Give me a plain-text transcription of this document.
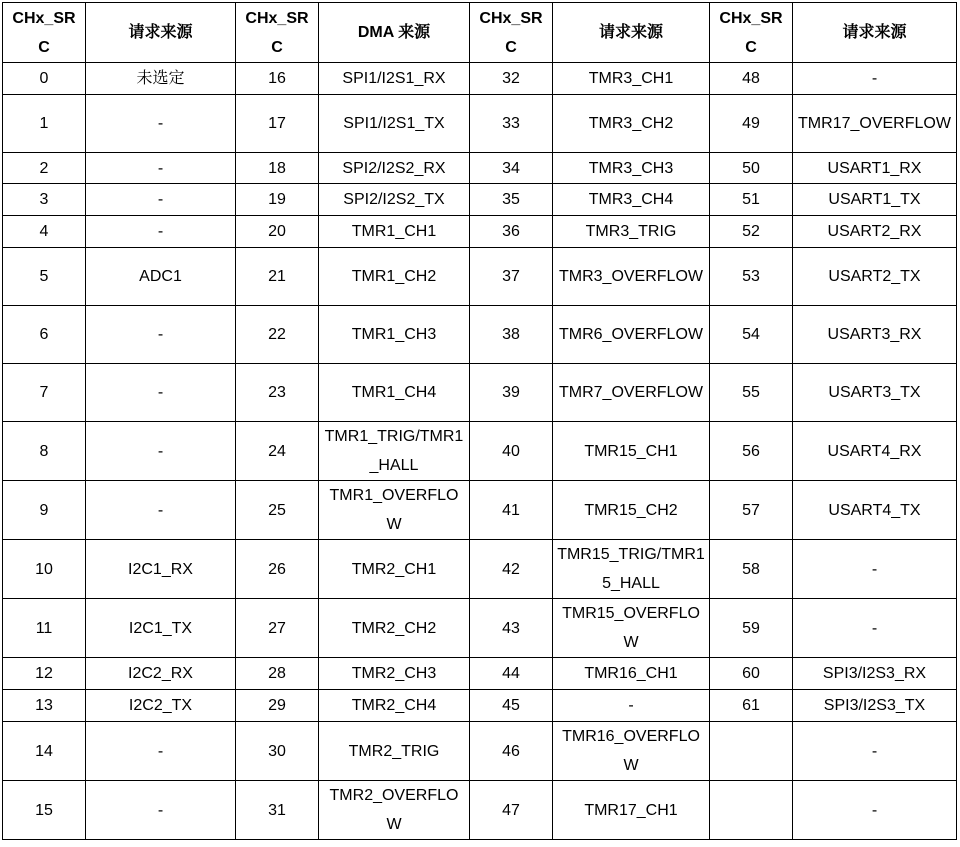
CHx_SRC	请求来源	CHx_SRC	DMA 来源	CHx_SRC	请求来源	CHx_SRC	请求来源
0	未选定	16	SPI1/I2S1_RX	32	TMR3_CH1	48	-
1	-	17	SPI1/I2S1_TX	33	TMR3_CH2	49	TMR17_OVERFLOW
2	-	18	SPI2/I2S2_RX	34	TMR3_CH3	50	USART1_RX
3	-	19	SPI2/I2S2_TX	35	TMR3_CH4	51	USART1_TX
4	-	20	TMR1_CH1	36	TMR3_TRIG	52	USART2_RX
5	ADC1	21	TMR1_CH2	37	TMR3_OVERFLOW	53	USART2_TX
6	-	22	TMR1_CH3	38	TMR6_OVERFLOW	54	USART3_RX
7	-	23	TMR1_CH4	39	TMR7_OVERFLOW	55	USART3_TX
8	-	24	TMR1_TRIG/TMR1_HALL	40	TMR15_CH1	56	USART4_RX
9	-	25	TMR1_OVERFLOW	41	TMR15_CH2	57	USART4_TX
10	I2C1_RX	26	TMR2_CH1	42	TMR15_TRIG/TMR15_HALL	58	-
11	I2C1_TX	27	TMR2_CH2	43	TMR15_OVERFLOW	59	-
12	I2C2_RX	28	TMR2_CH3	44	TMR16_CH1	60	SPI3/I2S3_RX
13	I2C2_TX	29	TMR2_CH4	45	-	61	SPI3/I2S3_TX
14	-	30	TMR2_TRIG	46	TMR16_OVERFLOW		-
15	-	31	TMR2_OVERFLOW	47	TMR17_CH1		-
